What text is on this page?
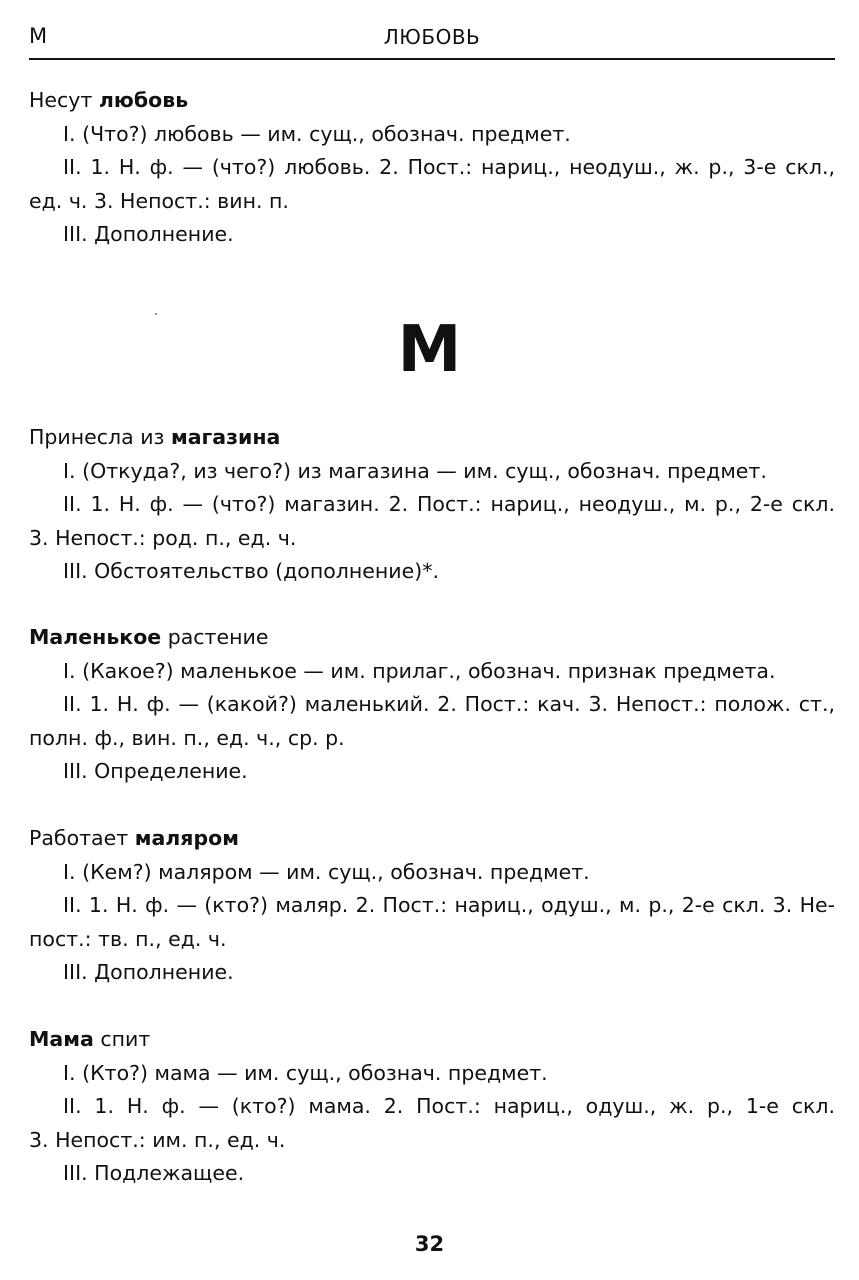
М	ЛЮБОВЬ
Несут любовь
I. (Что?) любовь — им. сущ., обознач. предмет.
II. 1. Н. ф. — (что?) любовь. 2. Пост.: нариц., неодуш., ж. р., 3-е скл.,
ед. ч. 3. Непост.: вин. п.
III. Дополнение.
М
Принесла из магазина
I. (Откуда?, из чего?) из магазина — им. сущ., обознач. предмет.
II. 1. Н. ф. — (что?) магазин. 2. Пост.: нариц., неодуш., м. р., 2-е скл.
3. Непост.: род. п., ед. ч.
III. Обстоятельство (дополнение)*.
Маленькое растение
I. (Какое?) маленькое — им. прилаг., обознач. признак предмета.
II. 1. Н. ф. — (какой?) маленький. 2. Пост.: кач. 3. Непост.: полож. ст.,
полн. ф., вин. п., ед. ч., ср. р.
III. Определение.
Работает маляром
I. (Кем?) маляром — им. сущ., обознач. предмет.
II. 1. Н. ф. — (кто?) маляр. 2. Пост.: нариц., одуш., м. р., 2-е скл. 3. Не-
пост.: тв. п., ед. ч.
III. Дополнение.
Мама спит
I. (Кто?) мама — им. сущ., обознач. предмет.
II. 1. Н. ф. — (кто?) мама. 2. Пост.: нариц., одуш., ж. р., 1-е скл.
3. Непост.: им. п., ед. ч.
III. Подлежащее.
32
